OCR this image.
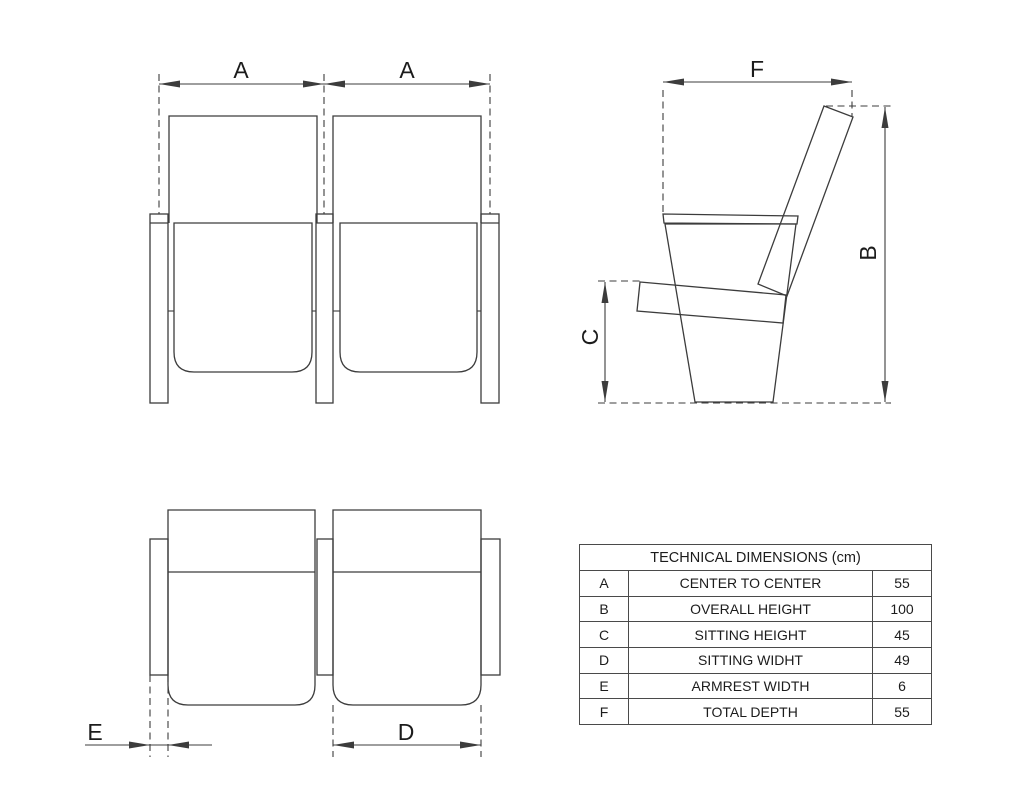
A	A	F
B
C
E	D
TECHNICAL DIMENSIONS (cm)		
A	CENTER TO CENTER	55
B	OVERALL HEIGHT	100
C	SITTING HEIGHT	45
D	SITTING WIDHT	49
E	ARMREST WIDTH	6
F	TOTAL DEPTH	55
